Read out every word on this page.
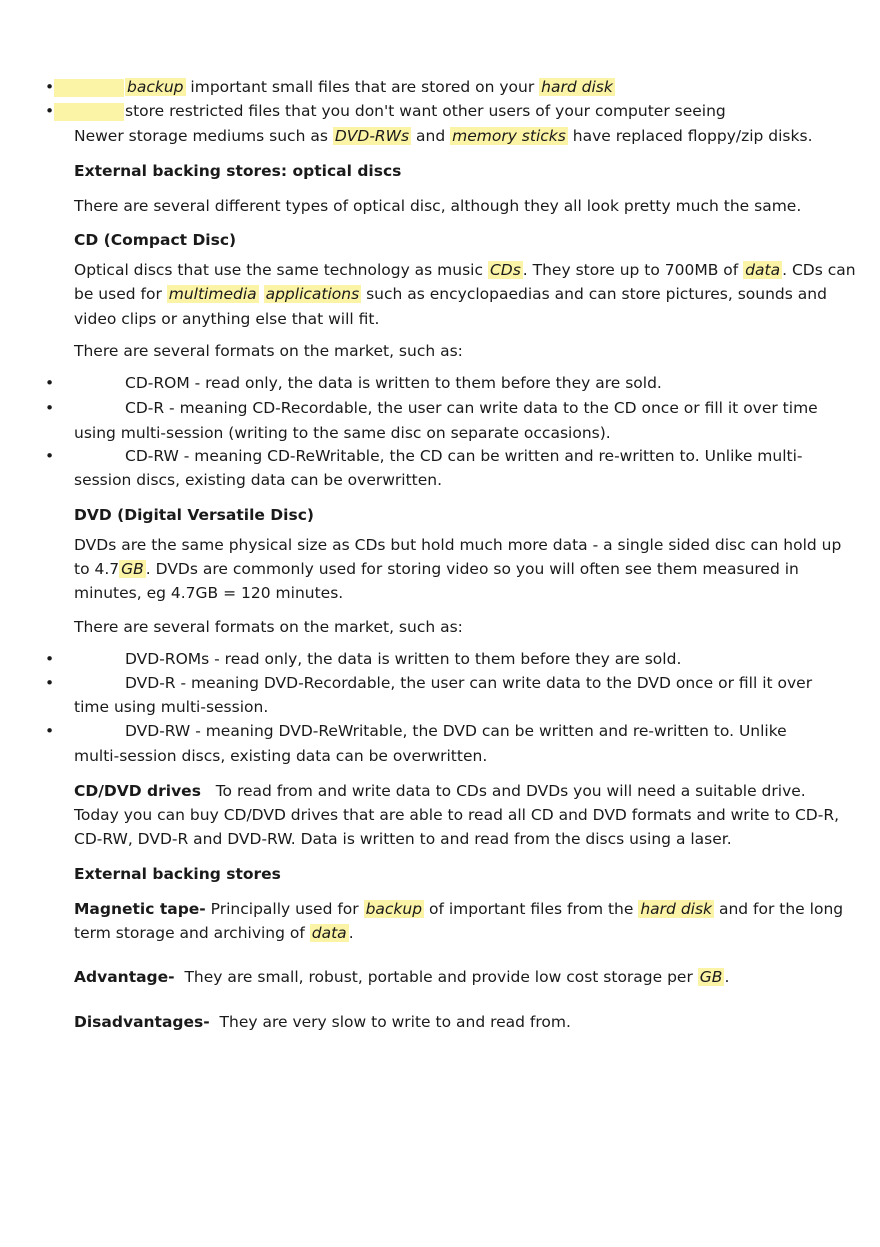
•	backup important small files that are stored on your hard disk
•	store restricted files that you don't want other users of your computer seeing
Newer storage mediums such as DVD-RWs and memory sticks have replaced floppy/zip disks.
External backing stores: optical discs
There are several different types of optical disc, although they all look pretty much the same.
CD (Compact Disc)
Optical discs that use the same technology as music CDs . They store up to 700MB of data . CDs can
be used for multimedia applications such as encyclopaedias and can store pictures, sounds and
video clips or anything else that will fit.
There are several formats on the market, such as:
•	CD-ROM - read only, the data is written to them before they are sold.
•	CD-R - meaning CD-Recordable, the user can write data to the CD once or fill it over time
using multi-session (writing to the same disc on separate occasions).
•	CD-RW - meaning CD-ReWritable, the CD can be written and re-written to. Unlike multi-
session discs, existing data can be overwritten.
DVD (Digital Versatile Disc)
DVDs are the same physical size as CDs but hold much more data - a single sided disc can hold up
to 4.7 GB . DVDs are commonly used for storing video so you will often see them measured in
minutes, eg 4.7GB = 120 minutes.
There are several formats on the market, such as:
•	DVD-ROMs - read only, the data is written to them before they are sold.
•	DVD-R - meaning DVD-Recordable, the user can write data to the DVD once or fill it over
time using multi-session.
•	DVD-RW - meaning DVD-ReWritable, the DVD can be written and re-written to. Unlike
multi-session discs, existing data can be overwritten.
CD/DVD drives   To read from and write data to CDs and DVDs you will need a suitable drive.
Today you can buy CD/DVD drives that are able to read all CD and DVD formats and write to CD-R,
CD-RW, DVD-R and DVD-RW. Data is written to and read from the discs using a laser.
External backing stores
Magnetic tape- Principally used for backup of important files from the hard disk and for the long
term storage and archiving of data .
Advantage-  They are small, robust, portable and provide low cost storage per GB .
Disadvantages-  They are very slow to write to and read from.
